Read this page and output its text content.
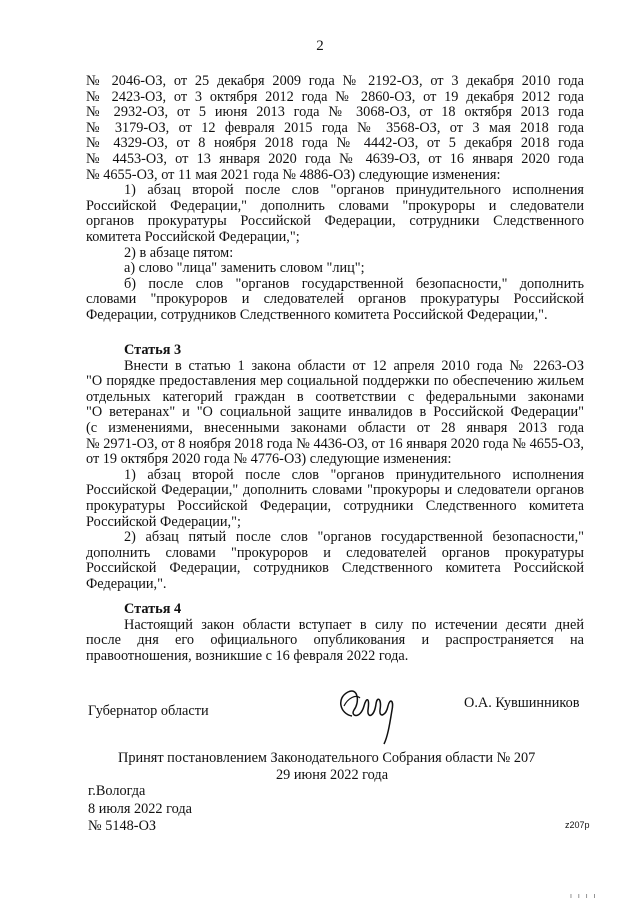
2
№ 2046-ОЗ, от 25 декабря 2009 года № 2192-ОЗ, от 3 декабря 2010 года
№ 2423-ОЗ, от 3 октября 2012 года № 2860-ОЗ, от 19 декабря 2012 года
№ 2932-ОЗ, от 5 июня 2013 года № 3068-ОЗ, от 18 октября 2013 года
№ 3179-ОЗ, от 12 февраля 2015 года № 3568-ОЗ, от 3 мая 2018 года
№ 4329-ОЗ, от 8 ноября 2018 года № 4442-ОЗ, от 5 декабря 2018 года
№ 4453-ОЗ, от 13 января 2020 года № 4639-ОЗ, от 16 января 2020 года
№ 4655-ОЗ, от 11 мая 2021 года № 4886-ОЗ) следующие изменения:
1) абзац второй после слов "органов принудительного исполнения
Российской Федерации," дополнить словами "прокуроры и следователи
органов прокуратуры Российской Федерации, сотрудники Следственного
комитета Российской Федерации,";
2) в абзаце пятом:
а) слово "лица" заменить словом "лиц";
б) после слов "органов государственной безопасности," дополнить
словами "прокуроров и следователей органов прокуратуры Российской
Федерации, сотрудников Следственного комитета Российской Федерации,".
Статья 3
Внести в статью 1 закона области от 12 апреля 2010 года № 2263-ОЗ
"О порядке предоставления мер социальной поддержки по обеспечению жильем
отдельных категорий граждан в соответствии с федеральными законами
"О ветеранах" и "О социальной защите инвалидов в Российской Федерации"
(с изменениями, внесенными законами области от 28 января 2013 года
№ 2971-ОЗ, от 8 ноября 2018 года № 4436-ОЗ, от 16 января 2020 года № 4655-ОЗ,
от 19 октября 2020 года № 4776-ОЗ) следующие изменения:
1) абзац второй после слов "органов принудительного исполнения
Российской Федерации," дополнить словами "прокуроры и следователи органов
прокуратуры Российской Федерации, сотрудники Следственного комитета
Российской Федерации,";
2) абзац пятый после слов "органов государственной безопасности,"
дополнить словами "прокуроров и следователей органов прокуратуры
Российской Федерации, сотрудников Следственного комитета Российской
Федерации,".
Статья 4
Настоящий закон области вступает в силу по истечении десяти дней
после дня его официального опубликования и распространяется на
правоотношения, возникшие с 16 февраля 2022 года.
Губернатор области	О.А. Кувшинников
Принят постановлением Законодательного Собрания области № 207
29 июня 2022 года
г.Вологда
8 июля 2022 года
№ 5148-ОЗ	z207p
ı ı ı ı
